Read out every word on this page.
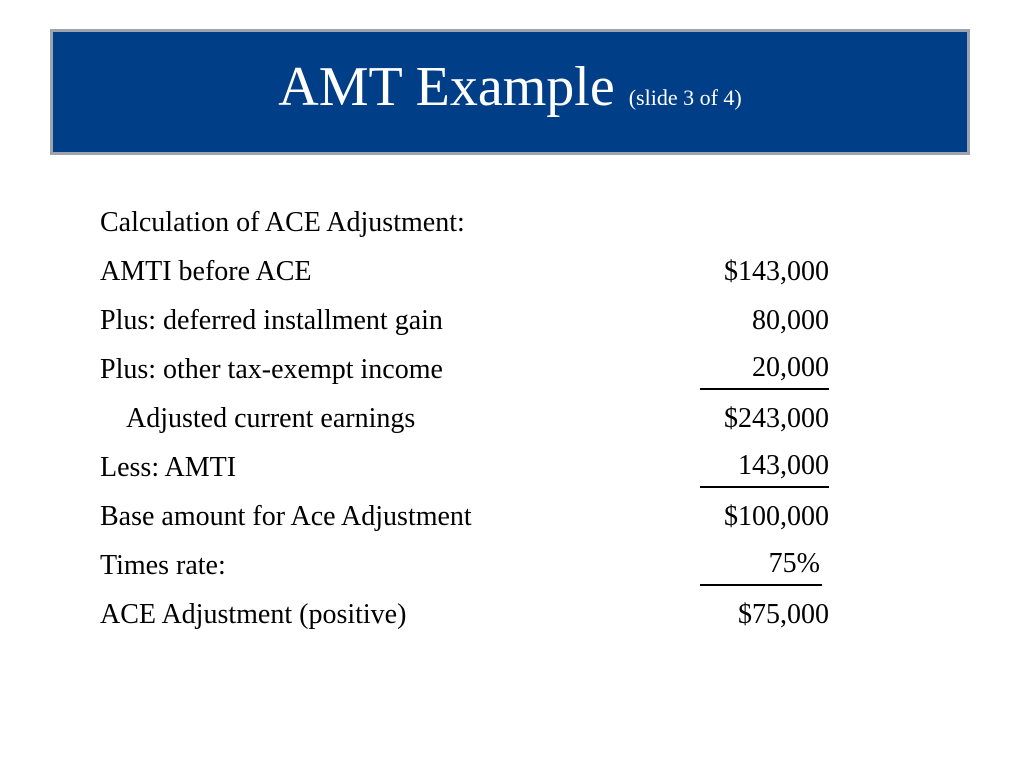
AMT Example (slide 3 of 4)
Calculation of ACE Adjustment:
AMTI before ACE	$143,000
Plus: deferred installment gain	80,000
Plus: other tax-exempt income	20,000
Adjusted current earnings	$243,000
Less: AMTI	143,000
Base amount for Ace Adjustment	$100,000
Times rate:	75%
ACE Adjustment (positive)	$75,000
